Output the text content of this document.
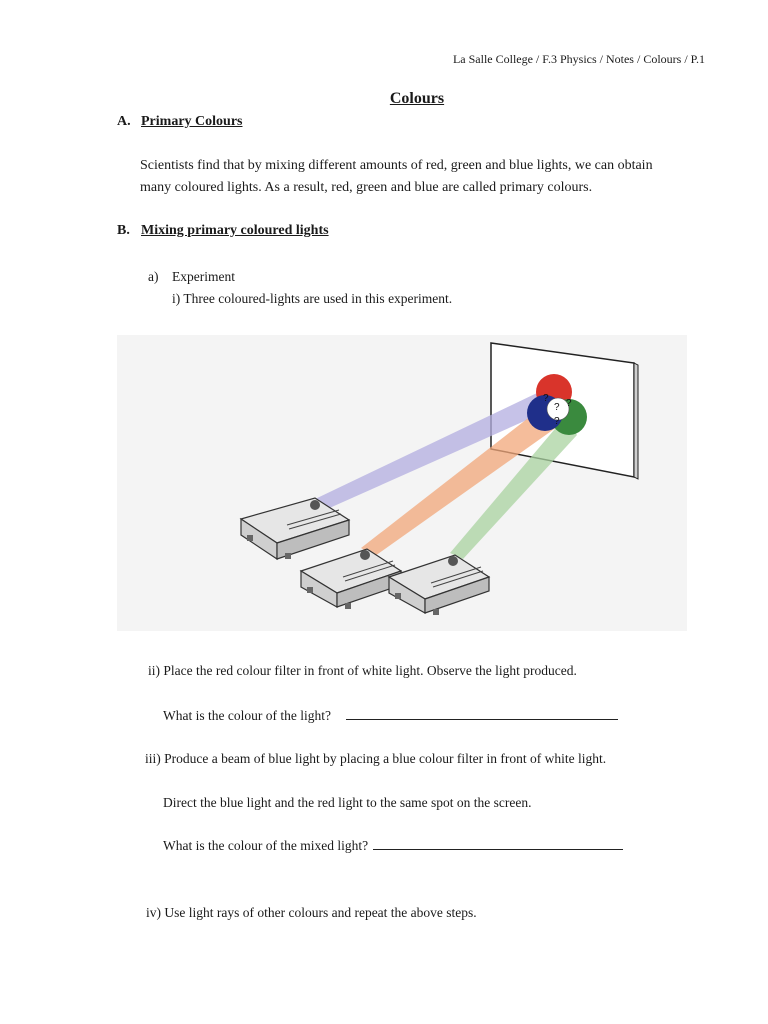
La Salle College / F.3 Physics / Notes / Colours / P.1
Colours
A. Primary Colours
Scientists find that by mixing different amounts of red, green and blue lights, we can obtain
many coloured lights. As a result, red, green and blue are called primary colours.
B. Mixing primary coloured lights
a) Experiment
i) Three coloured-lights are used in this experiment.
?
? ?
?
ii) Place the red colour filter in front of white light. Observe the light produced.
What is the colour of the light?
iii) Produce a beam of blue light by placing a blue colour filter in front of white light.
Direct the blue light and the red light to the same spot on the screen.
What is the colour of the mixed light?
iv) Use light rays of other colours and repeat the above steps.
